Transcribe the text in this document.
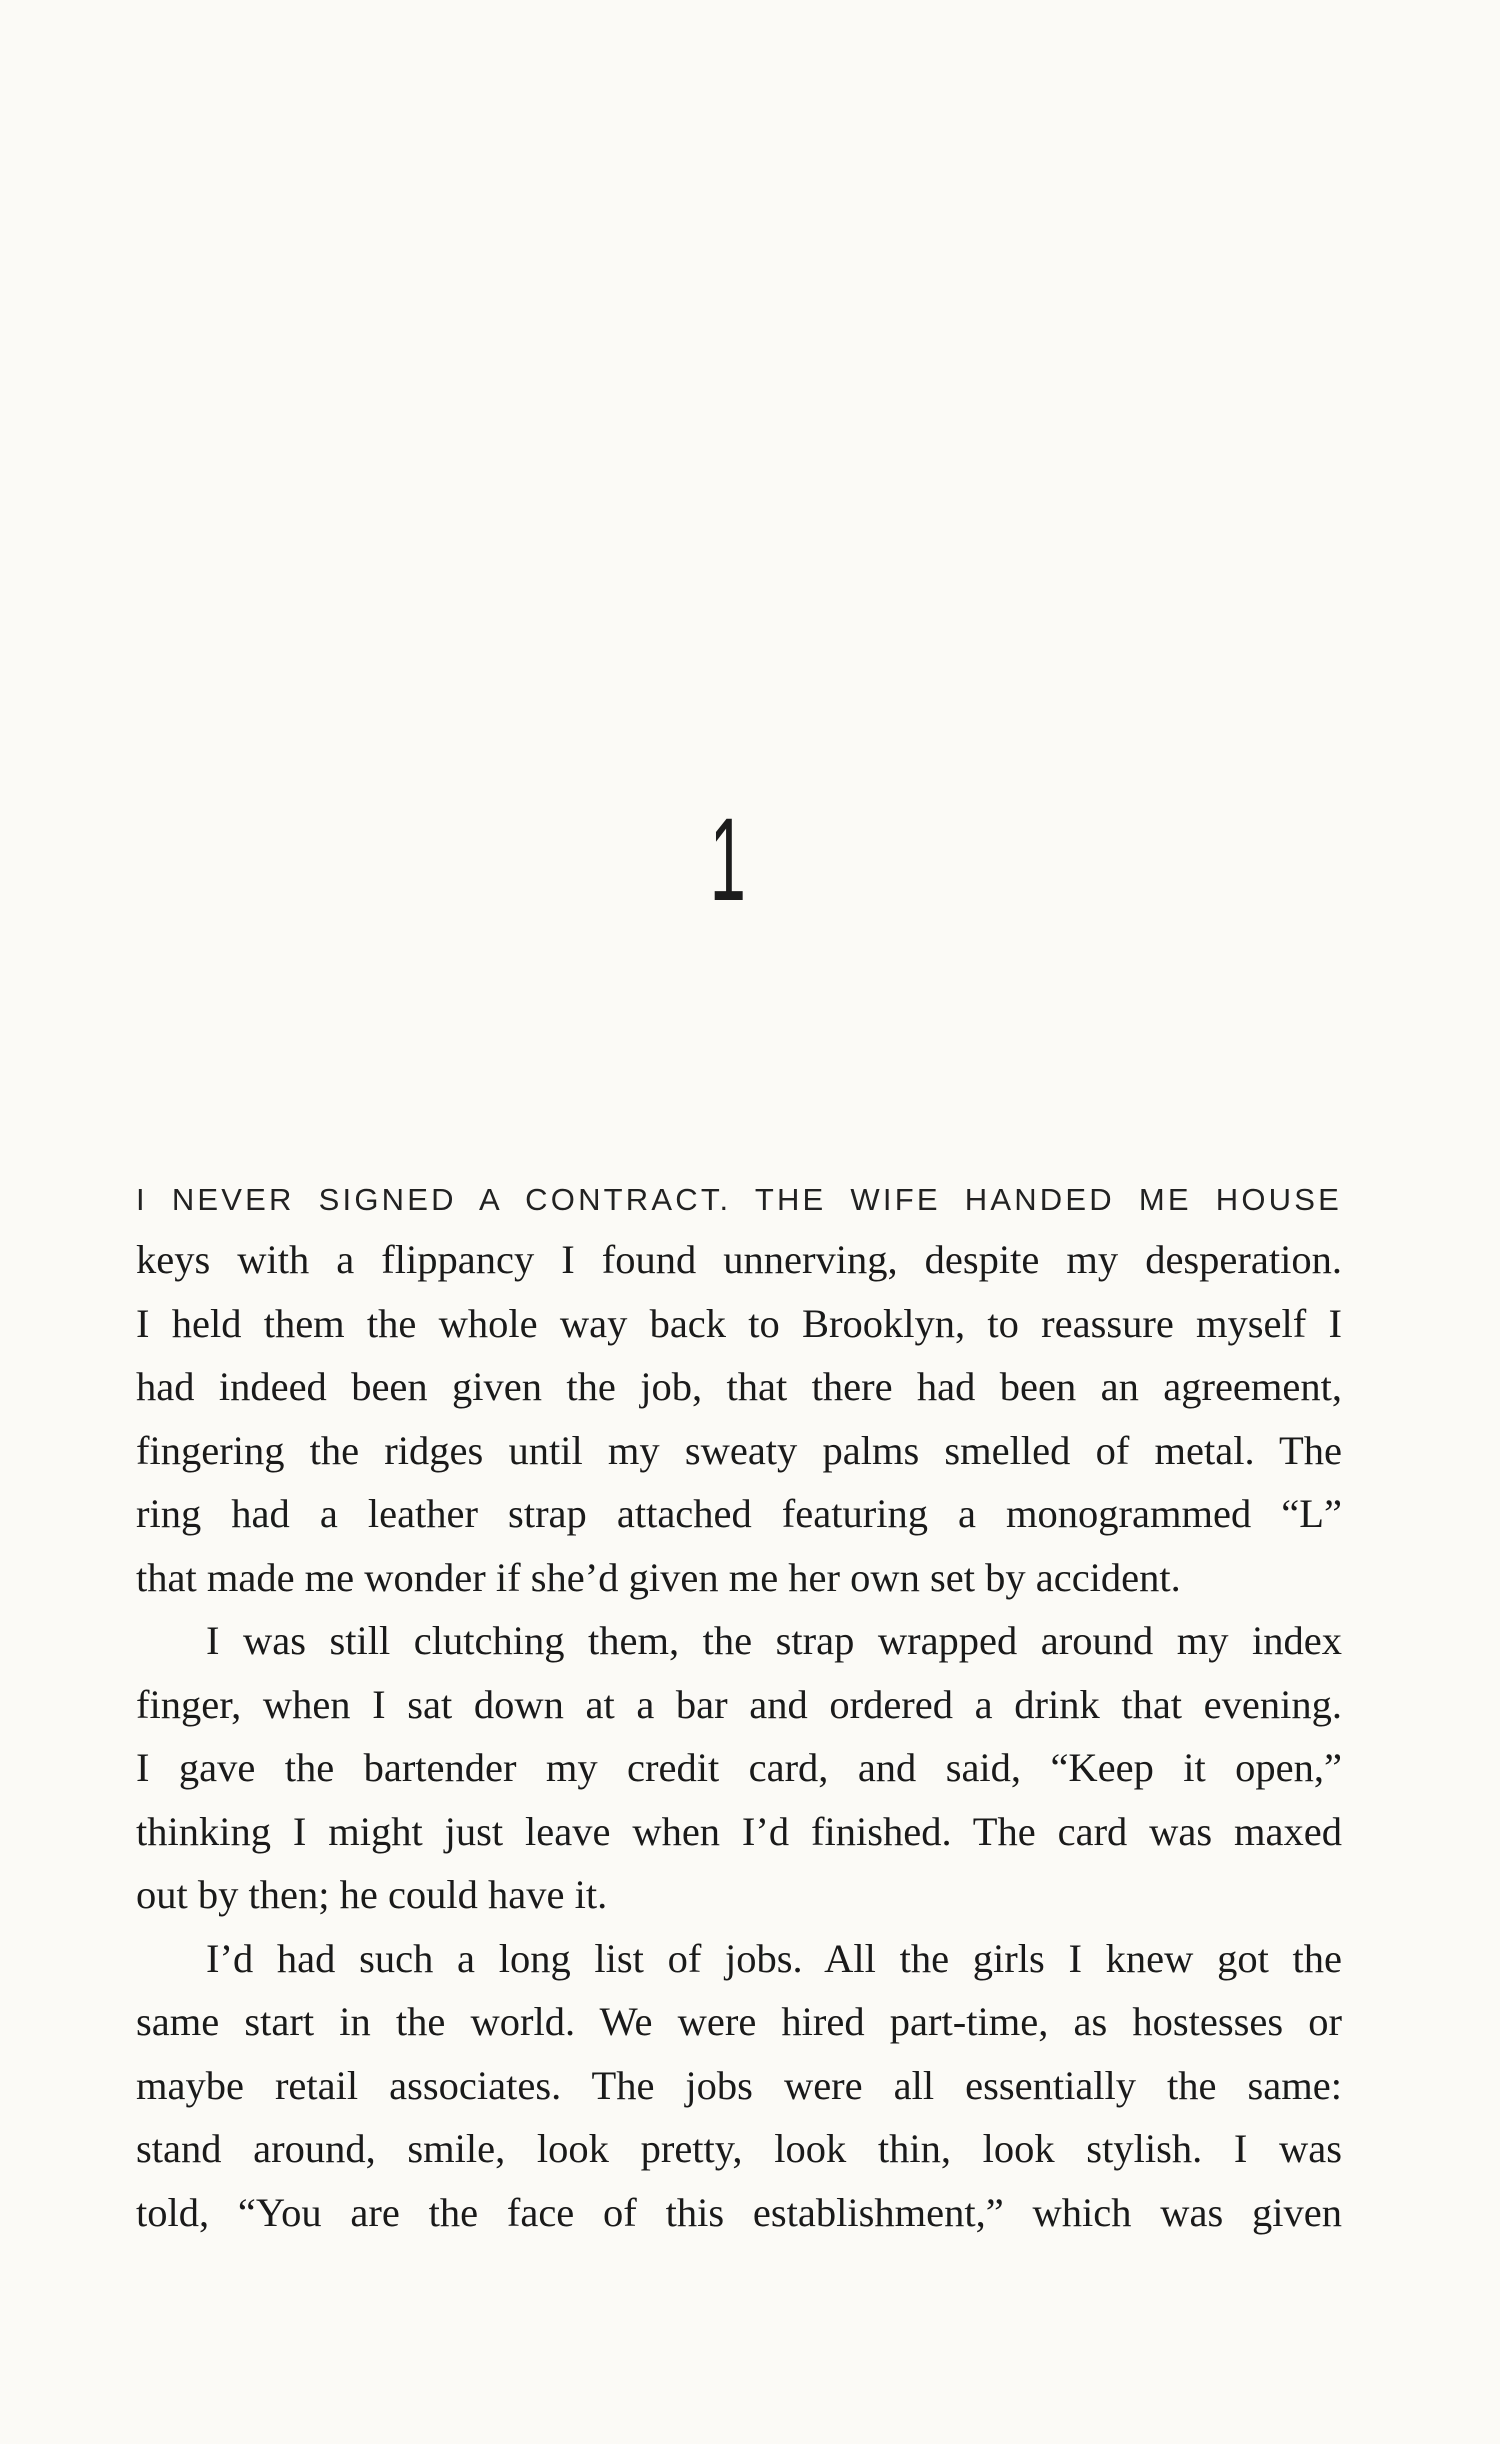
1
I NEVER SIGNED A CONTRACT. THE WIFE HANDED ME HOUSE
keys with a flippancy I found unnerving, despite my desperation.
I held them the whole way back to Brooklyn, to reassure myself I
had indeed been given the job, that there had been an agreement,
fingering the ridges until my sweaty palms smelled of metal. The
ring had a leather strap attached featuring a monogrammed “L”
that made me wonder if she’d given me her own set by accident.
I was still clutching them, the strap wrapped around my index
finger, when I sat down at a bar and ordered a drink that evening.
I gave the bartender my credit card, and said, “Keep it open,”
thinking I might just leave when I’d finished. The card was maxed
out by then; he could have it.
I’d had such a long list of jobs. All the girls I knew got the
same start in the world. We were hired part-time, as hostesses or
maybe retail associates. The jobs were all essentially the same:
stand around, smile, look pretty, look thin, look stylish. I was
told, “You are the face of this establishment,” which was given
